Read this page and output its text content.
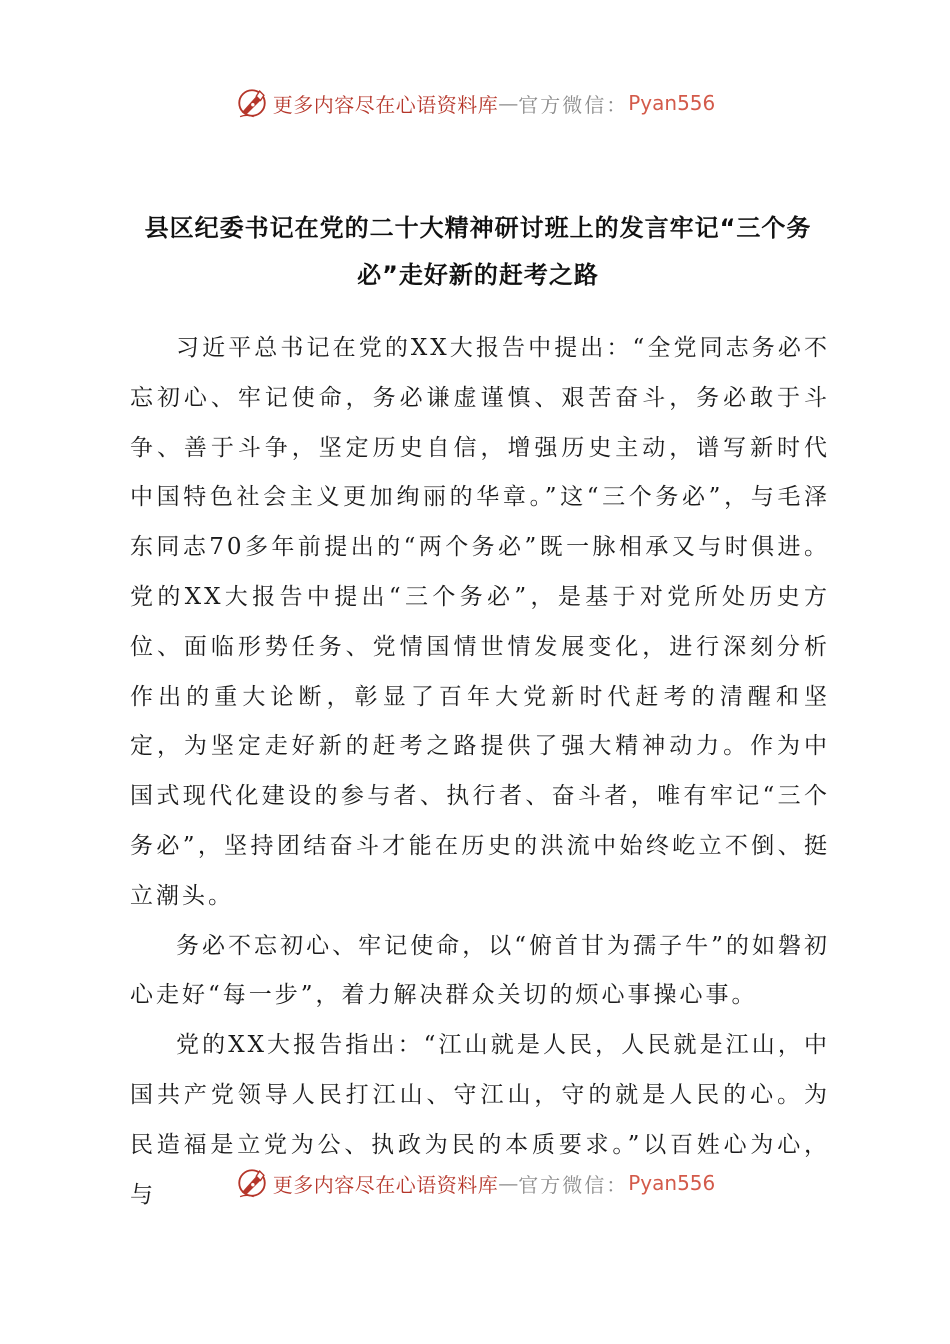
更多内容尽在心语资料库 — 官方微信： Pyan556
县区纪委书记在党的二十大精神研讨班上的发言牢记“三个务必”走好新的赶考之路

习近平总书记在党的XX大报告中提出：“全党同志务必不忘初心、牢记使命，务必谦虚谨慎、艰苦奋斗，务必敢于斗争、善于斗争，坚定历史自信，增强历史主动，谱写新时代中国特色社会主义更加绚丽的华章。”这“三个务必”，与毛泽东同志70多年前提出的“两个务必”既一脉相承又与时俱进。党的XX大报告中提出“三个务必”，是基于对党所处历史方位、面临形势任务、党情国情世情发展变化，进行深刻分析作出的重大论断，彰显了百年大党新时代赶考的清醒和坚定，为坚定走好新的赶考之路提供了强大精神动力。作为中国式现代化建设的参与者、执行者、奋斗者，唯有牢记“三个务必”，坚持团结奋斗才能在历史的洪流中始终屹立不倒、挺立潮头。

务必不忘初心、牢记使命，以“俯首甘为孺子牛”的如磐初心走好“每一步”，着力解决群众关切的烦心事操心事。

党的XX大报告指出：“江山就是人民，人民就是江山，中国共产党领导人民打江山、守江山，守的就是人民的心。为民造福是立党为公、执政为民的本质要求。”以百姓心为心，与	更多内容尽在心语资料库 — 官方微信： Pyan556
